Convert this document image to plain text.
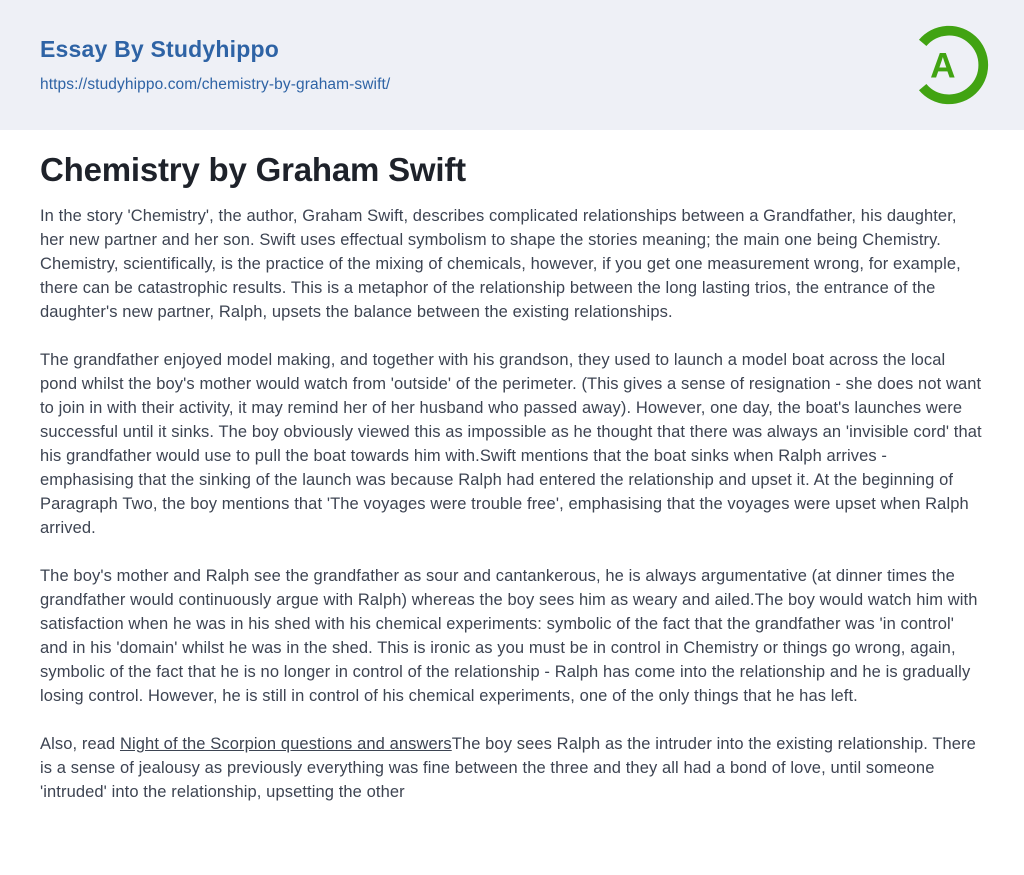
Essay By Studyhippo
https://studyhippo.com/chemistry-by-graham-swift/	A
Chemistry by Graham Swift

In the story 'Chemistry', the author, Graham Swift, describes complicated relationships between a Grandfather, his daughter, her new partner and her son. Swift uses effectual symbolism to shape the stories meaning; the main one being Chemistry. Chemistry, scientifically, is the practice of the mixing of chemicals, however, if you get one measurement wrong, for example, there can be catastrophic results. This is a metaphor of the relationship between the long lasting trios, the entrance of the daughter's new partner, Ralph, upsets the balance between the existing relationships.

The grandfather enjoyed model making, and together with his grandson, they used to launch a model boat across the local pond whilst the boy's mother would watch from 'outside' of the perimeter. (This gives a sense of resignation - she does not want to join in with their activity, it may remind her of her husband who passed away). However, one day, the boat's launches were successful until it sinks. The boy obviously viewed this as impossible as he thought that there was always an 'invisible cord' that his grandfather would use to pull the boat towards him with.Swift mentions that the boat sinks when Ralph arrives - emphasising that the sinking of the launch was because Ralph had entered the relationship and upset it. At the beginning of Paragraph Two, the boy mentions that 'The voyages were trouble free', emphasising that the voyages were upset when Ralph arrived.

The boy's mother and Ralph see the grandfather as sour and cantankerous, he is always argumentative (at dinner times the grandfather would continuously argue with Ralph) whereas the boy sees him as weary and ailed.The boy would watch him with satisfaction when he was in his shed with his chemical experiments: symbolic of the fact that the grandfather was 'in control' and in his 'domain' whilst he was in the shed. This is ironic as you must be in control in Chemistry or things go wrong, again, symbolic of the fact that he is no longer in control of the relationship - Ralph has come into the relationship and he is gradually losing control. However, he is still in control of his chemical experiments, one of the only things that he has left.

Also, read Night of the Scorpion questions and answersThe boy sees Ralph as the intruder into the existing relationship. There is a sense of jealousy as previously everything was fine between the three and they all had a bond of love, until someone 'intruded' into the relationship, upsetting the other
